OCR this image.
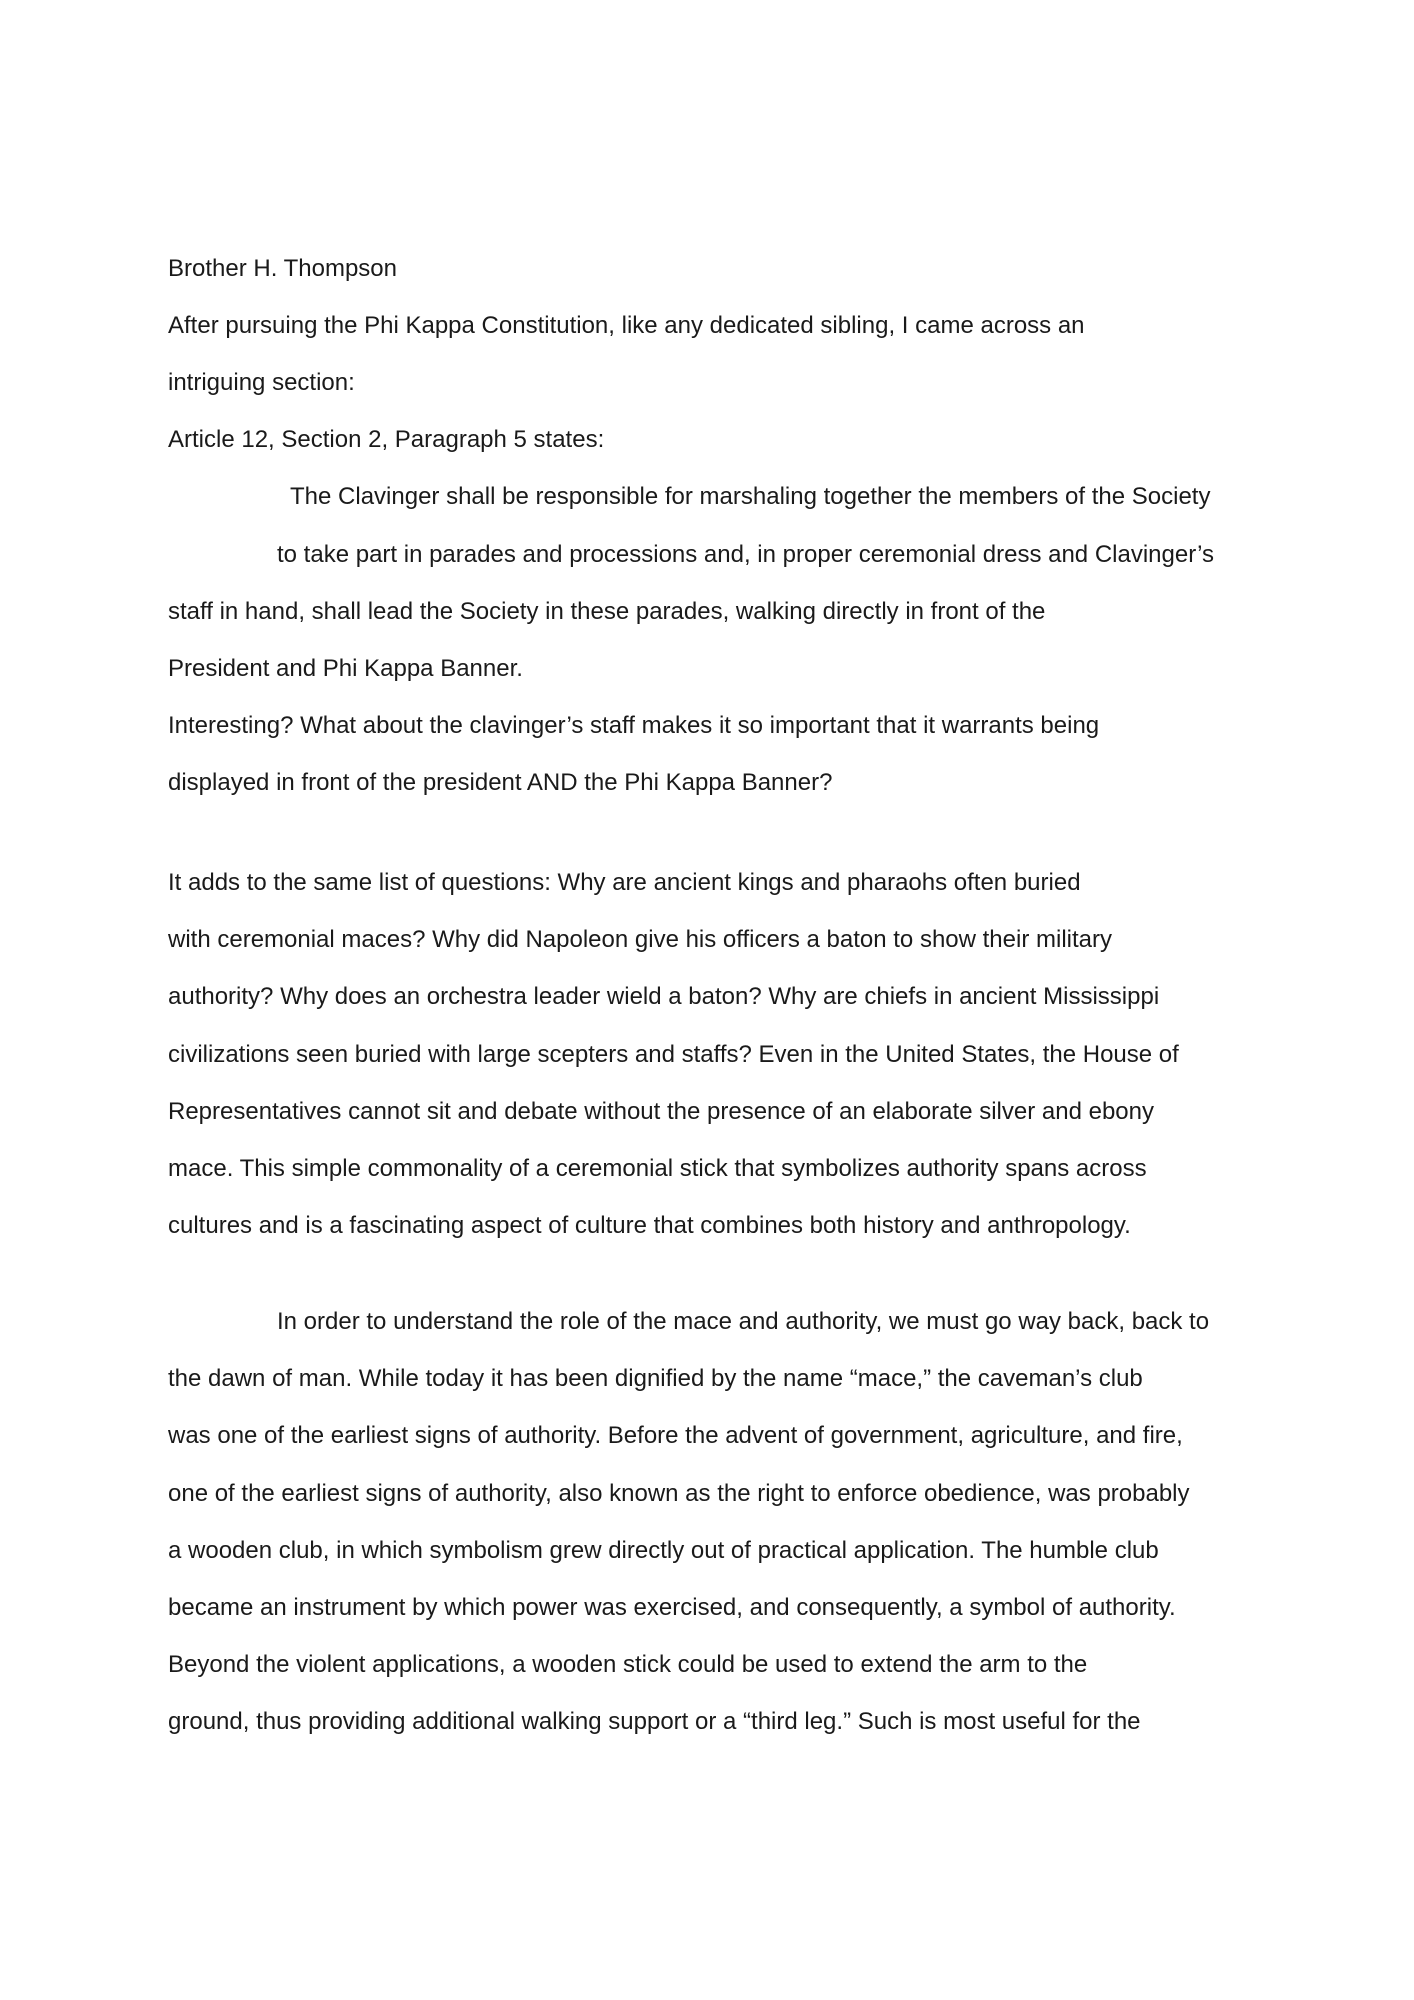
Brother H. Thompson
After pursuing the Phi Kappa Constitution, like any dedicated sibling, I came across an
intriguing section:
Article 12, Section 2, Paragraph 5 states:
The Clavinger shall be responsible for marshaling together the members of the Society
to take part in parades and processions and, in proper ceremonial dress and Clavinger’s
staff in hand, shall lead the Society in these parades, walking directly in front of the
President and Phi Kappa Banner.
Interesting? What about the clavinger’s staff makes it so important that it warrants being
displayed in front of the president AND the Phi Kappa Banner?
It adds to the same list of questions: Why are ancient kings and pharaohs often buried
with ceremonial maces? Why did Napoleon give his officers a baton to show their military
authority? Why does an orchestra leader wield a baton? Why are chiefs in ancient Mississippi
civilizations seen buried with large scepters and staffs? Even in the United States, the House of
Representatives cannot sit and debate without the presence of an elaborate silver and ebony
mace. This simple commonality of a ceremonial stick that symbolizes authority spans across
cultures and is a fascinating aspect of culture that combines both history and anthropology.
In order to understand the role of the mace and authority, we must go way back, back to
the dawn of man. While today it has been dignified by the name “mace,” the caveman’s club
was one of the earliest signs of authority. Before the advent of government, agriculture, and fire,
one of the earliest signs of authority, also known as the right to enforce obedience, was probably
a wooden club, in which symbolism grew directly out of practical application. The humble club
became an instrument by which power was exercised, and consequently, a symbol of authority.
Beyond the violent applications, a wooden stick could be used to extend the arm to the
ground, thus providing additional walking support or a “third leg.” Such is most useful for the
